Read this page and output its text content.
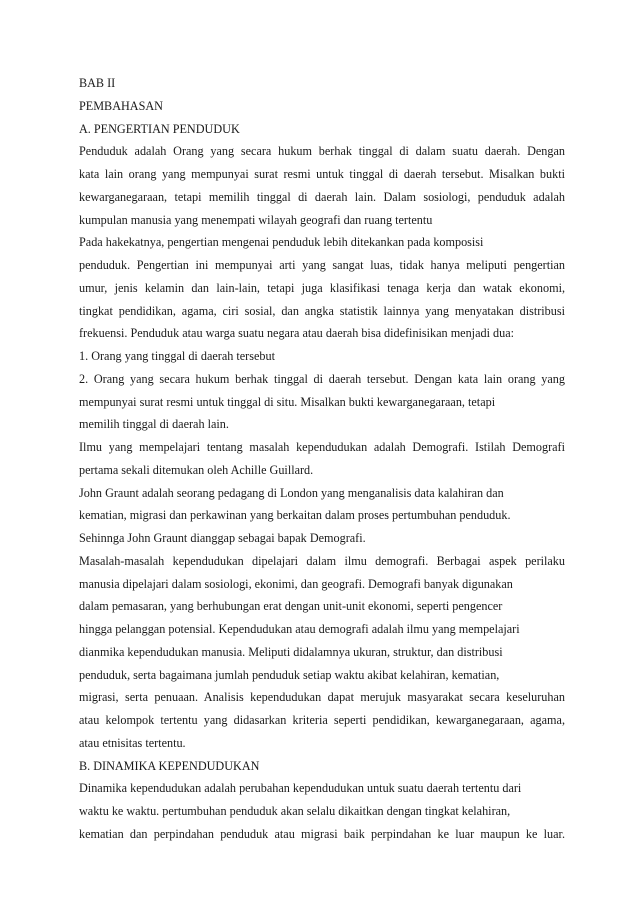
BAB II
PEMBAHASAN
A. PENGERTIAN PENDUDUK
Penduduk adalah Orang yang secara hukum berhak tinggal di dalam suatu daerah. Dengan
kata lain orang yang mempunyai surat resmi untuk tinggal di daerah tersebut. Misalkan bukti
kewarganegaraan, tetapi memilih tinggal di daerah lain. Dalam sosiologi, penduduk adalah
kumpulan manusia yang menempati wilayah geografi dan ruang tertentu
Pada hakekatnya, pengertian mengenai penduduk lebih ditekankan pada komposisi
penduduk. Pengertian ini mempunyai arti yang sangat luas, tidak hanya meliputi pengertian
umur, jenis kelamin dan lain-lain, tetapi juga klasifikasi tenaga kerja dan watak ekonomi,
tingkat pendidikan, agama, ciri sosial, dan angka statistik lainnya yang menyatakan distribusi
frekuensi. Penduduk atau warga suatu negara atau daerah bisa didefinisikan menjadi dua:
1. Orang yang tinggal di daerah tersebut
2. Orang yang secara hukum berhak tinggal di daerah tersebut. Dengan kata lain orang yang
mempunyai surat resmi untuk tinggal di situ. Misalkan bukti kewarganegaraan, tetapi
memilih tinggal di daerah lain.
Ilmu yang mempelajari tentang masalah kependudukan adalah Demografi. Istilah Demografi
pertama sekali ditemukan oleh Achille Guillard.
John Graunt adalah seorang pedagang di London yang menganalisis data kalahiran dan
kematian, migrasi dan perkawinan yang berkaitan dalam proses pertumbuhan penduduk.
Sehinnga John Graunt dianggap sebagai bapak Demografi.
Masalah-masalah kependudukan dipelajari dalam ilmu demografi. Berbagai aspek perilaku
manusia dipelajari dalam sosiologi, ekonimi, dan geografi. Demografi banyak digunakan
dalam pemasaran, yang berhubungan erat dengan unit-unit ekonomi, seperti pengencer
hingga pelanggan potensial. Kependudukan atau demografi adalah ilmu yang mempelajari
dianmika kependudukan manusia. Meliputi didalamnya ukuran, struktur, dan distribusi
penduduk, serta bagaimana jumlah penduduk setiap waktu akibat kelahiran, kematian,
migrasi, serta penuaan. Analisis kependudukan dapat merujuk masyarakat secara keseluruhan
atau kelompok tertentu yang didasarkan kriteria seperti pendidikan, kewarganegaraan, agama,
atau etnisitas tertentu.
B. DINAMIKA KEPENDUDUKAN
Dinamika kependudukan adalah perubahan kependudukan untuk suatu daerah tertentu dari
waktu ke waktu. pertumbuhan penduduk akan selalu dikaitkan dengan tingkat kelahiran,
kematian dan perpindahan penduduk atau migrasi baik perpindahan ke luar maupun ke luar.
